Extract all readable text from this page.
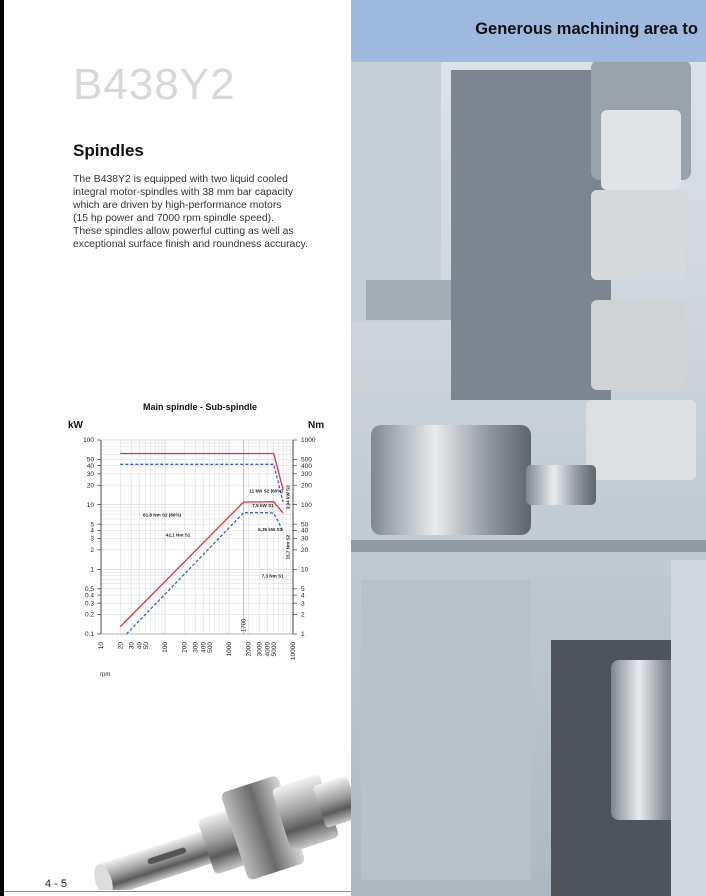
B438Y2
Spindles
The B438Y2 is equipped with two liquid cooled
integral motor-spindles with 38 mm bar capacity
which are driven by high-performance motors
(15 hp power and 7000 rpm spindle speed).
These spindles allow powerful cutting as well as
exceptional surface finish and roundness accuracy.
Main spindle - Sub-spindle
kW	Nm
rpm
100
50
40
30
20
10
5
4
3
2
1
0.5
0.4
0.3
0.2
0.1
1000
500
400
300
200
100
50
40
30
20
10
5
4
3
2
1
10 20 30 40 50 100 200 300 400 500 1000 2000 3000 4000 5000 10000
1700
61,8 Nm S2 (60%)
42,1 Nm S1
11 kW S2 (60%)
7,5 kW S1
5,35 kW S1
3,94 kW S2
15,7 Nm S2
7,3 Nm S1
4 - 5
Generous machining area to
